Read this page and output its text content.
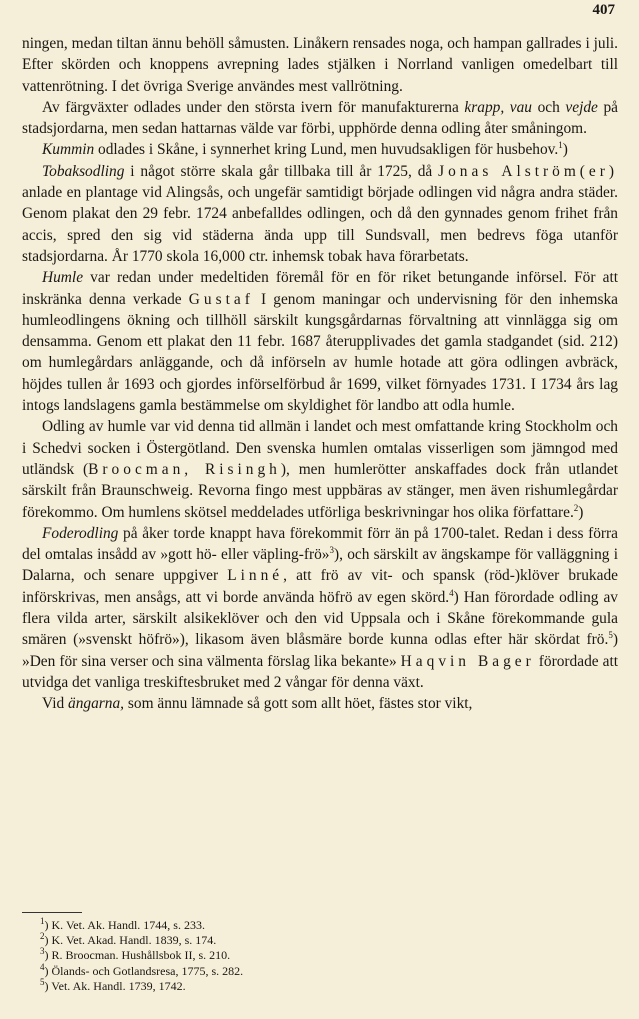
407

ningen, medan tiltan ännu behöll såmusten. Linåkern rensades noga, och hampan gallrades i juli. Efter skörden och knoppens avrepning lades stjälken i Norrland vanligen omedelbart till vattenrötning. I det övriga Sverige användes mest vallrötning.

Av färgväxter odlades under den största ivern för manufakturerna krapp, vau och vejde på stadsjordarna, men sedan hattarnas välde var förbi, upphörde denna odling åter småningom.

Kummin odlades i Skåne, i synnerhet kring Lund, men huvudsakligen för husbehov.$^1$)

Tobaksodling i något större skala går tillbaka till år 1725, då Jonas Alström(er) anlade en plantage vid Alingsås, och ungefär samtidigt började odlingen vid några andra städer. Genom plakat den 29 febr. 1724 anbefalldes odlingen, och då den gynnades genom frihet från accis, spred den sig vid städerna ända upp till Sundsvall, men bedrevs föga utanför stadsjordarna. År 1770 skola 16,000 ctr. inhemsk tobak hava förarbetats.

Humle var redan under medeltiden föremål för en för riket betungande införsel. För att inskränka denna verkade Gustaf I genom maningar och undervisning för den inhemska humleodlingens ökning och tillhöll särskilt kungsgårdarnas förvaltning att vinnlägga sig om densamma. Genom ett plakat den 11 febr. 1687 återupplivades det gamla stadgandet (sid. 212) om humlegårdars anläggande, och då införseln av humle hotade att göra odlingen avbräck, höjdes tullen år 1693 och gjordes införselförbud år 1699, vilket förnyades 1731. I 1734 års lag intogs landslagens gamla bestämmelse om skyldighet för landbo att odla humle.

Odling av humle var vid denna tid allmän i landet och mest omfattande kring Stockholm och i Schedvi socken i Östergötland. Den svenska humlen omtalas visserligen som jämngod med utländsk (Broocman, Risingh), men humlerötter anskaffades dock från utlandet särskilt från Braunschweig. Revorna fingo mest uppbäras av stänger, men även rishumlegårdar förekommo. Om humlens skötsel meddelades utförliga beskrivningar hos olika författare.$^2$)

Foderodling på åker torde knappt hava förekommit förr än på 1700-talet. Redan i dess förra del omtalas insådd av »gott hö- eller väpling-frö»$^3$), och särskilt av ängskampe för valläggning i Dalarna, och senare uppgiver Linné, att frö av vit- och spansk (röd-)klöver brukade införskrivas, men ansågs, att vi borde använda höfrö av egen skörd.$^4$) Han förordade odling av flera vilda arter, särskilt alsikeklöver och den vid Uppsala och i Skåne förekommande gula smären (»svenskt höfrö»), likasom även blåsmäre borde kunna odlas efter här skördat frö.$^5$) »Den för sina verser och sina välmenta förslag lika bekante» Haqvin Bager förordade att utvidga det vanliga treskiftesbruket med 2 vångar för denna växt.

Vid ängarna, som ännu lämnade så gott som allt höet, fästes stor vikt,

$^1$) K. Vet. Ak. Handl. 1744, s. 233.
$^2$) K. Vet. Akad. Handl. 1839, s. 174.
$^3$) R. Broocman. Hushållsbok II, s. 210.
$^4$) Ölands- och Gotlandsresa, 1775, s. 282.
$^5$) Vet. Ak. Handl. 1739, 1742.
